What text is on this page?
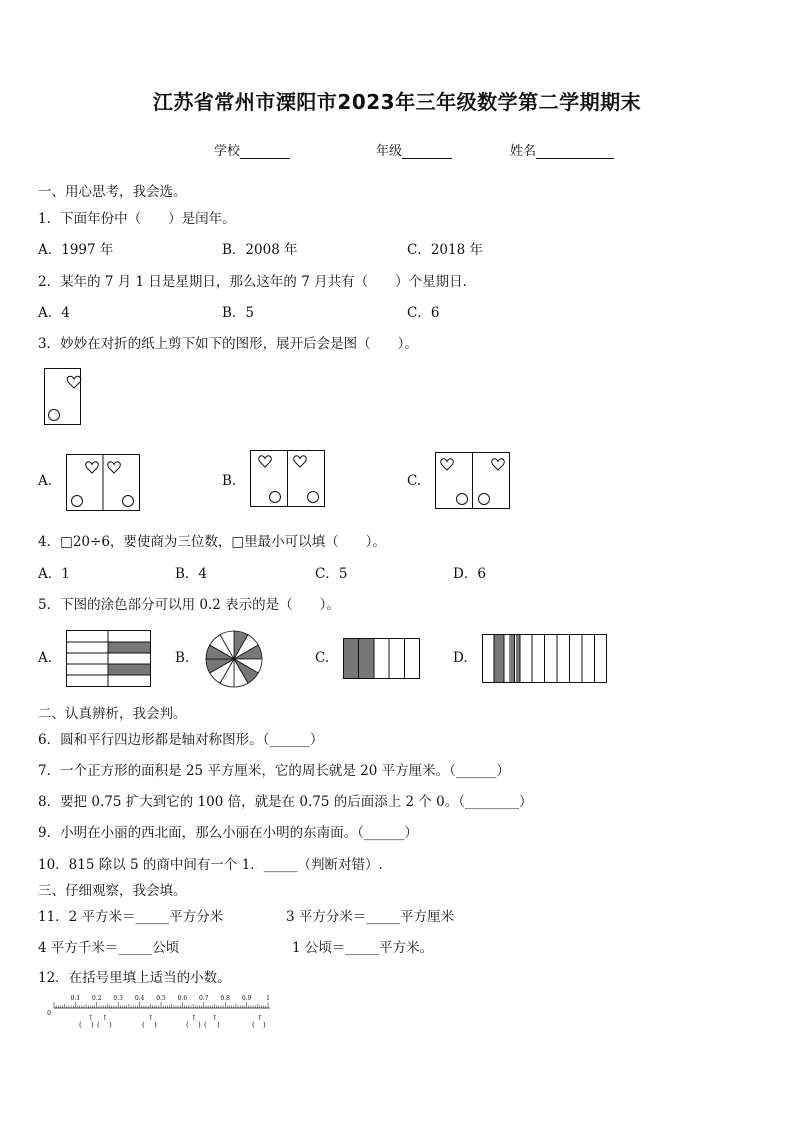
江苏省常州市溧阳市2023年三年级数学第二学期期末
学校	年级	姓名
一、用心思考，我会选。
1．下面年份中（　　）是闰年。
A．1997 年	B．2008 年	C．2018 年
2．某年的 7 月 1 日是星期日，那么这年的 7 月共有（　　）个星期日.
A．4	B．5	C．6
3．妙妙在对折的纸上剪下如下的图形，展开后会是图（　　）。
A.	B.	C.
4．□20÷6，要使商为三位数，□里最小可以填（　　）。
A．1	B．4	C．5	D．6
5．下图的涂色部分可以用 0.2 表示的是（　　）。
A.	B.	C.	D.
二、认真辨析，我会判。
6．圆和平行四边形都是轴对称图形。（______）
7．一个正方形的面积是 25 平方厘米，它的周长就是 20 平方厘米。（______）
8．要把 0.75 扩大到它的 100 倍，就是在 0.75 的后面添上 2 个 0。（________）
9．小明在小丽的西北面，那么小丽在小明的东南面。（______）
10．815 除以 5 的商中间有一个 1．_____（判断对错）.
三、仔细观察，我会填。
11．2 平方米＝_____平方分米	3 平方分米＝_____平方厘米
4 平方千米＝_____公顷	1 公顷＝_____平方米。
12．在括号里填上适当的小数。
0
0.1 0.2 0.3 0.4 0.5 0.6 0.7 0.8 0.9 1
(
↑
) (
↑
)	(
↑
)	(
↑
) (
↑
)	(
↑
)
